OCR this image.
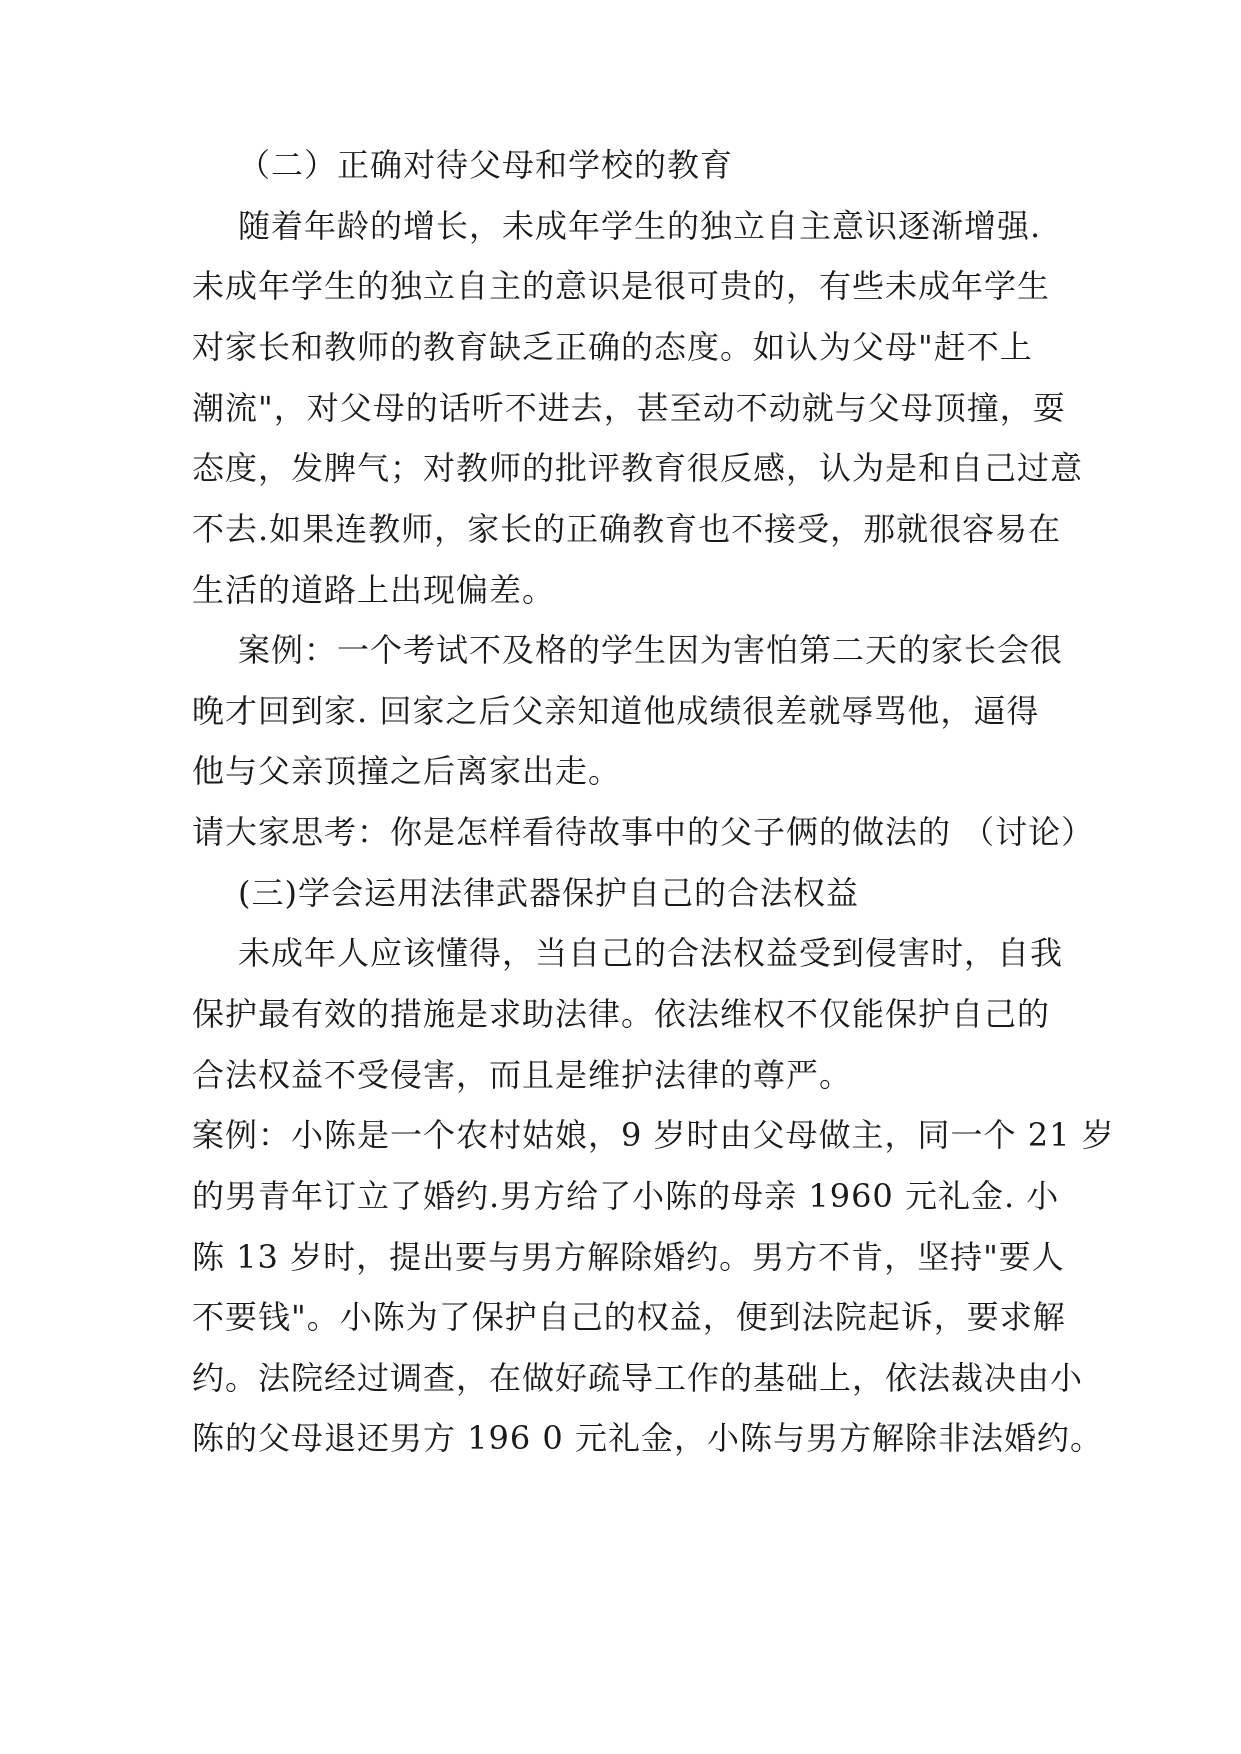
（二）正确对待父母和学校的教育
随着年龄的增长，未成年学生的独立自主意识逐渐增强.
未成年学生的独立自主的意识是很可贵的，有些未成年学生
对家长和教师的教育缺乏正确的态度。如认为父母"赶不上
潮流"，对父母的话听不进去，甚至动不动就与父母顶撞，耍
态度，发脾气；对教师的批评教育很反感，认为是和自己过意
不去.如果连教师，家长的正确教育也不接受，那就很容易在
生活的道路上出现偏差。
案例：一个考试不及格的学生因为害怕第二天的家长会很
晚才回到家. 回家之后父亲知道他成绩很差就辱骂他，逼得
他与父亲顶撞之后离家出走。
请大家思考：你是怎样看待故事中的父子俩的做法的 （讨论）
(三)学会运用法律武器保护自己的合法权益
未成年人应该懂得，当自己的合法权益受到侵害时，自我
保护最有效的措施是求助法律。依法维权不仅能保护自己的
合法权益不受侵害，而且是维护法律的尊严。
案例：小陈是一个农村姑娘，9 岁时由父母做主，同一个 21 岁
的男青年订立了婚约.男方给了小陈的母亲 1960 元礼金. 小
陈 13 岁时，提出要与男方解除婚约。男方不肯，坚持"要人
不要钱"。小陈为了保护自己的权益，便到法院起诉，要求解
约。法院经过调查，在做好疏导工作的基础上，依法裁决由小
陈的父母退还男方 196 0 元礼金，小陈与男方解除非法婚约。
